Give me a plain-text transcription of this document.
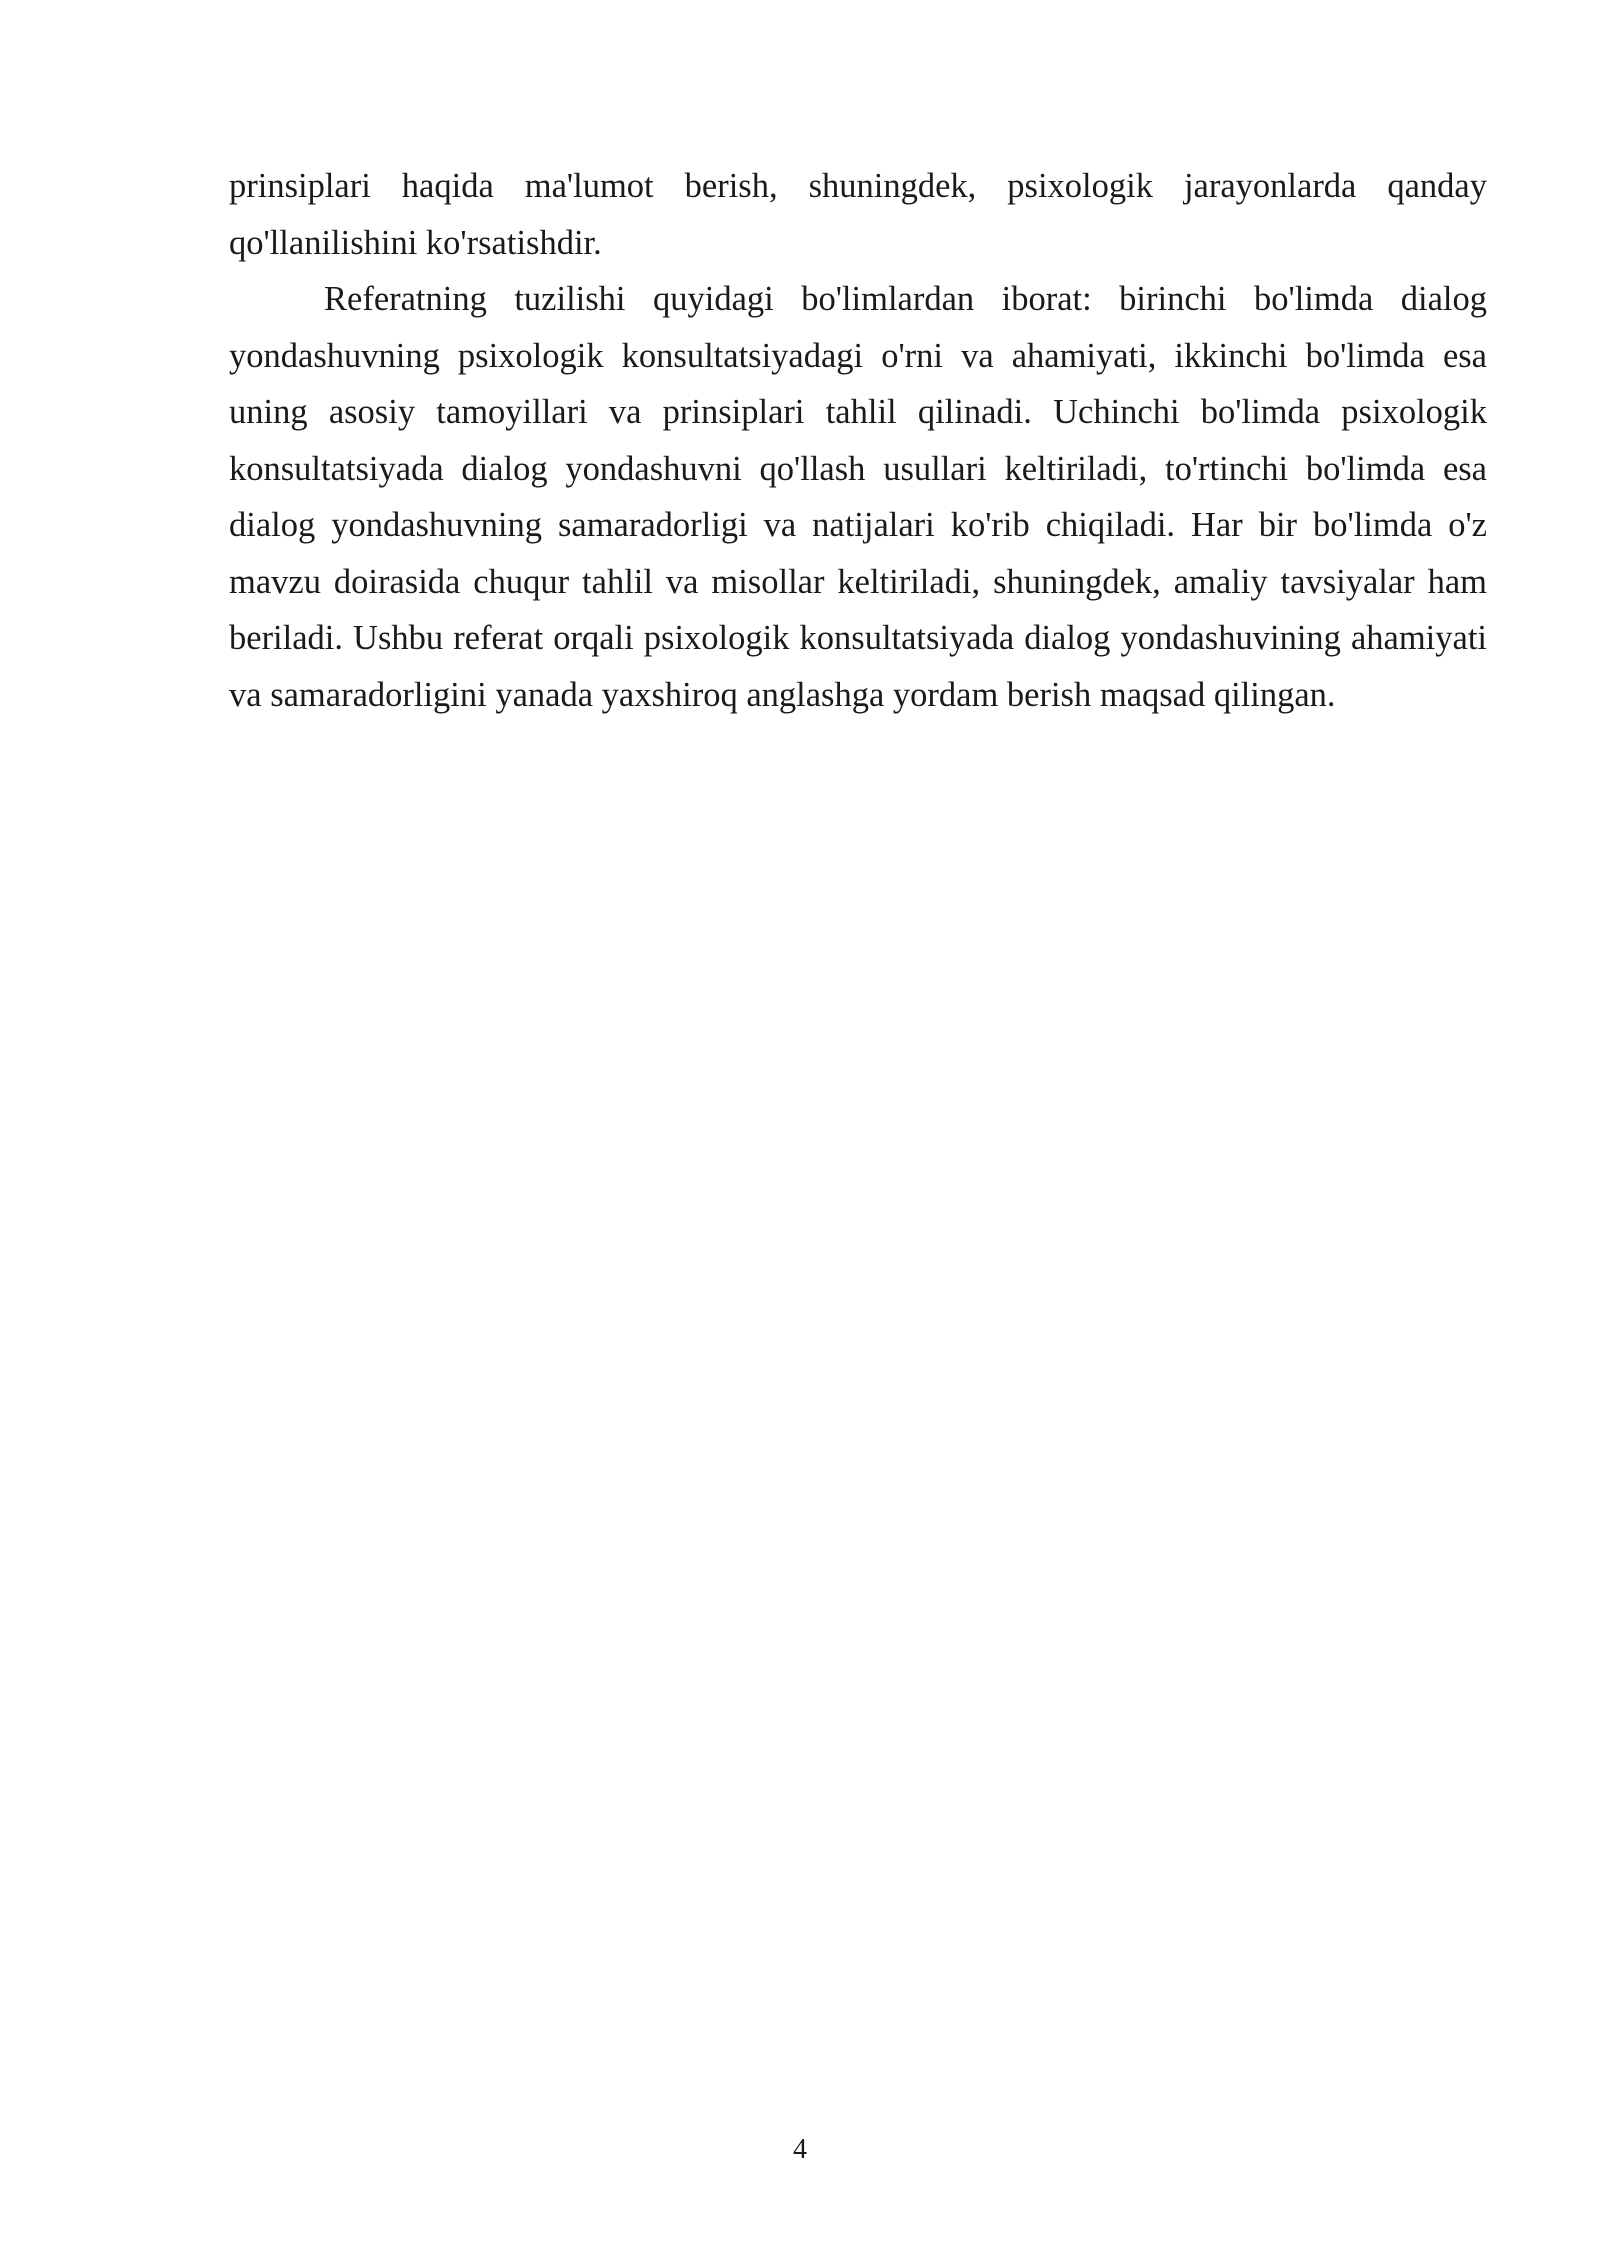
prinsiplari haqida ma'lumot berish, shuningdek, psixologik jarayonlarda qanday qo'llanilishini ko'rsatishdir.

Referatning tuzilishi quyidagi bo'limlardan iborat: birinchi bo'limda dialog yondashuvning psixologik konsultatsiyadagi o'rni va ahamiyati, ikkinchi bo'limda esa uning asosiy tamoyillari va prinsiplari tahlil qilinadi. Uchinchi bo'limda psixologik konsultatsiyada dialog yondashuvni qo'llash usullari keltiriladi, to'rtinchi bo'limda esa dialog yondashuvning samaradorligi va natijalari ko'rib chiqiladi. Har bir bo'limda o'z mavzu doirasida chuqur tahlil va misollar keltiriladi, shuningdek, amaliy tavsiyalar ham beriladi. Ushbu referat orqali psixologik konsultatsiyada dialog yondashuvining ahamiyati va samaradorligini yanada yaxshiroq anglashga yordam berish maqsad qilingan.

4
